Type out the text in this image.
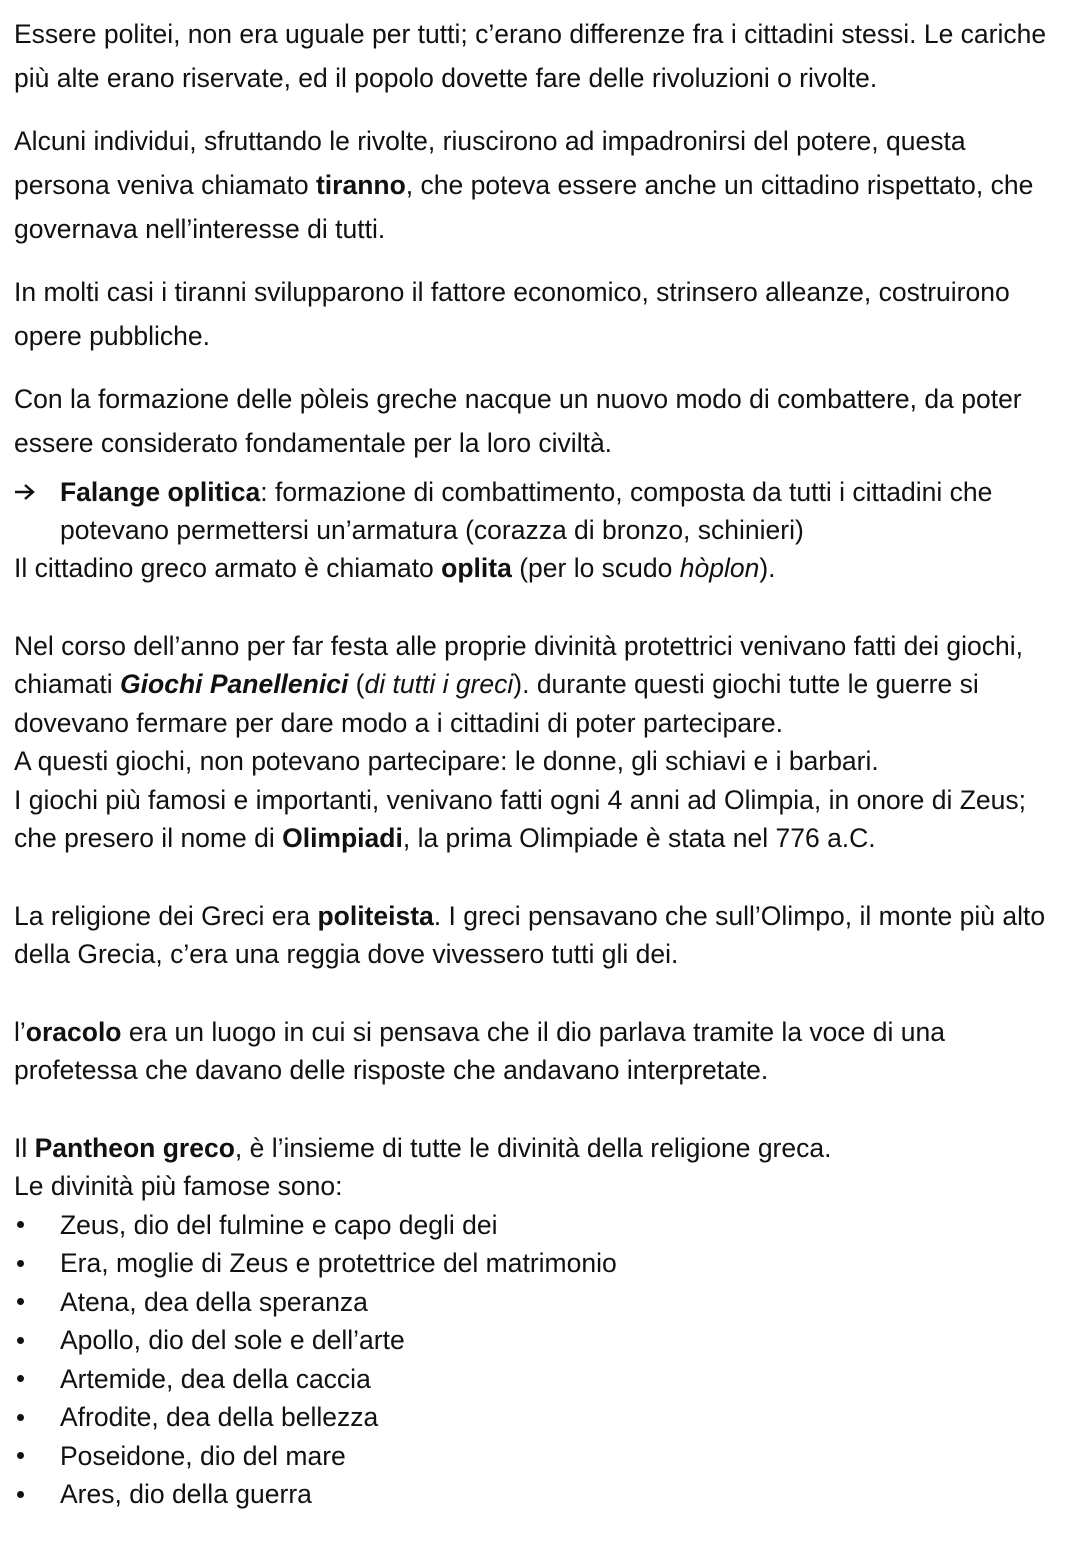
Essere politei, non era uguale per tutti; c’erano differenze fra i cittadini stessi. Le cariche più alte erano riservate, ed il popolo dovette fare delle rivoluzioni o rivolte.

Alcuni individui, sfruttando le rivolte, riuscirono ad impadronirsi del potere, questa persona veniva chiamato tiranno, che poteva essere anche un cittadino rispettato, che governava nell’interesse di tutti.

In molti casi i tiranni svilupparono il fattore economico, strinsero alleanze, costruirono opere pubbliche.

Con la formazione delle pòleis greche nacque un nuovo modo di combattere, da poter essere considerato fondamentale per la loro civiltà.

Falange oplitica: formazione di combattimento, composta da tutti i cittadini che potevano permettersi un’armatura (corazza di bronzo, schinieri)

Il cittadino greco armato è chiamato oplita (per lo scudo hòplon).

Nel corso dell’anno per far festa alle proprie divinità protettrici venivano fatti dei giochi, chiamati Giochi Panellenici (di tutti i greci). durante questi giochi tutte le guerre si dovevano fermare per dare modo a i cittadini di poter partecipare.

A questi giochi, non potevano partecipare: le donne, gli schiavi e i barbari.

I giochi più famosi e importanti, venivano fatti ogni 4 anni ad Olimpia, in onore di Zeus; che presero il nome di Olimpiadi, la prima Olimpiade è stata nel 776 a.C.

La religione dei Greci era politeista. I greci pensavano che sull’Olimpo, il monte più alto della Grecia, c’era una reggia dove vivessero tutti gli dei.

l’oracolo era un luogo in cui si pensava che il dio parlava tramite la voce di una profetessa che davano delle risposte che andavano interpretate.

Il Pantheon greco, è l’insieme di tutte le divinità della religione greca.

Le divinità più famose sono:

Zeus, dio del fulmine e capo degli dei
Era, moglie di Zeus e protettrice del matrimonio
Atena, dea della speranza
Apollo, dio del sole e dell’arte
Artemide, dea della caccia
Afrodite, dea della bellezza
Poseidone, dio del mare
Ares, dio della guerra
